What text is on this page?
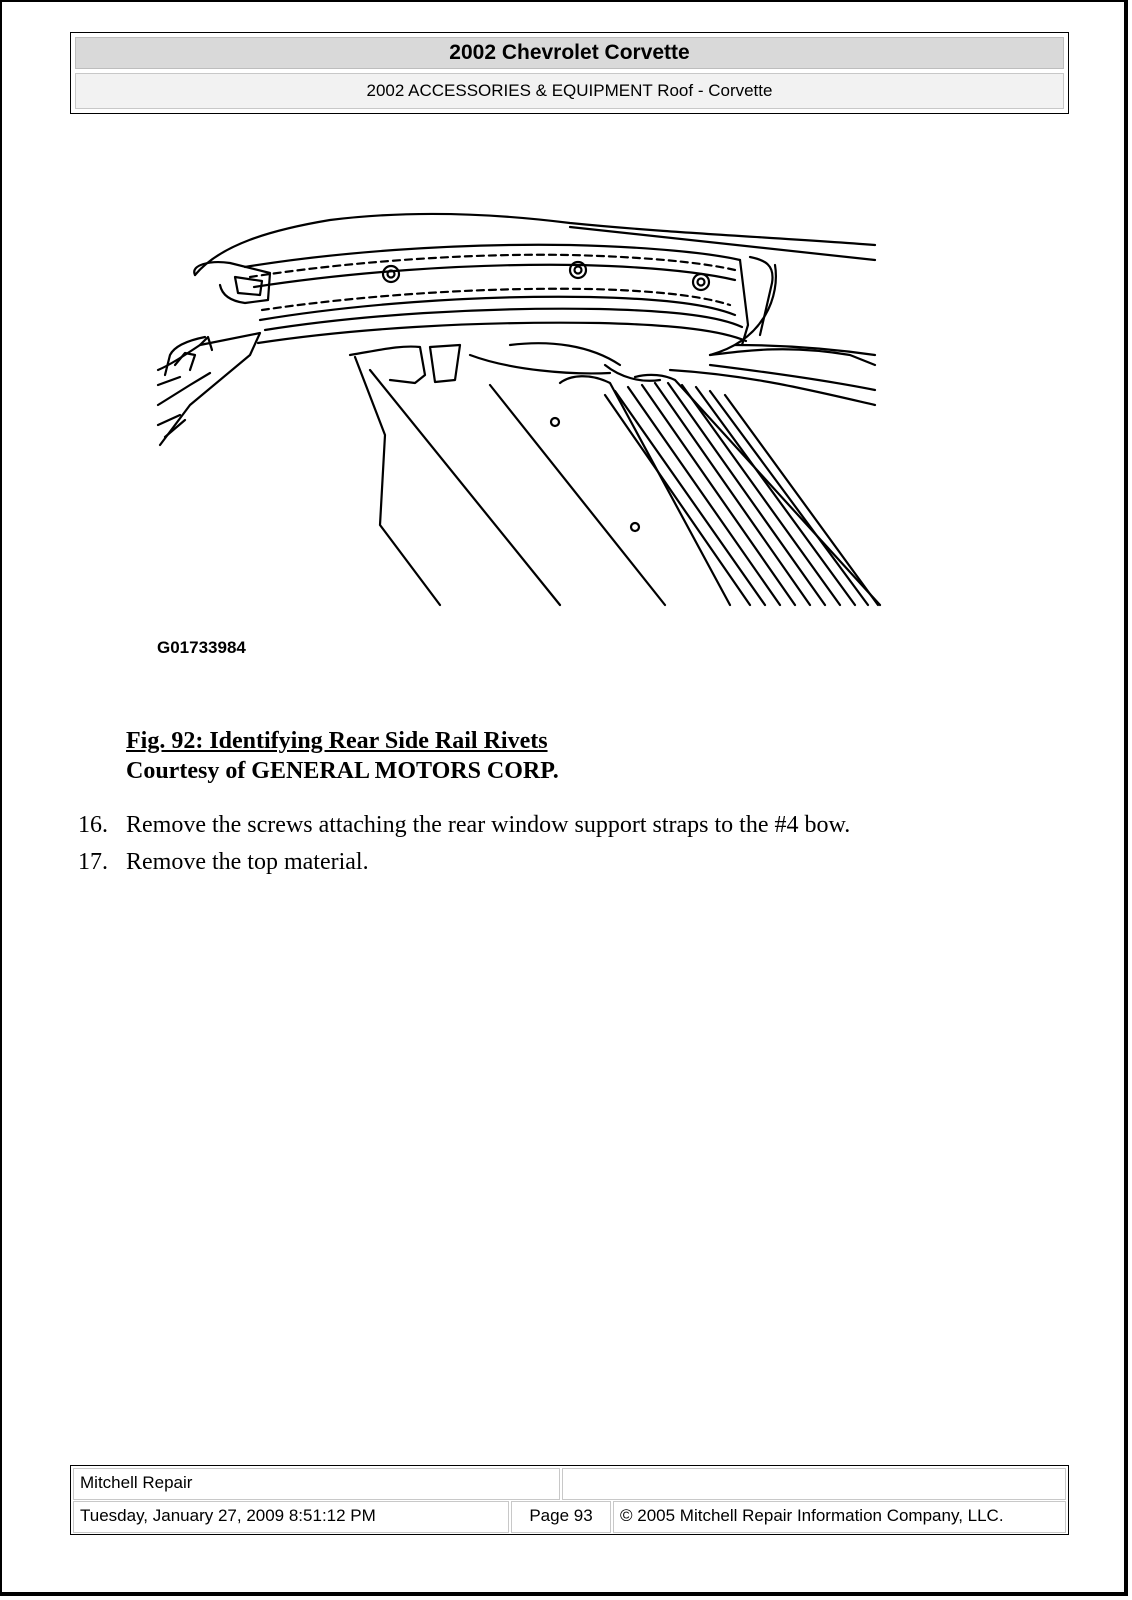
2002 Chevrolet Corvette
2002 ACCESSORIES & EQUIPMENT Roof - Corvette
G01733984
Fig. 92: Identifying Rear Side Rail Rivets
Courtesy of GENERAL MOTORS CORP.
16. Remove the screws attaching the rear window support straps to the #4 bow.
17. Remove the top material.
Mitchell Repair
Tuesday, January 27, 2009 8:51:12 PM	Page 93	© 2005 Mitchell Repair Information Company, LLC.
